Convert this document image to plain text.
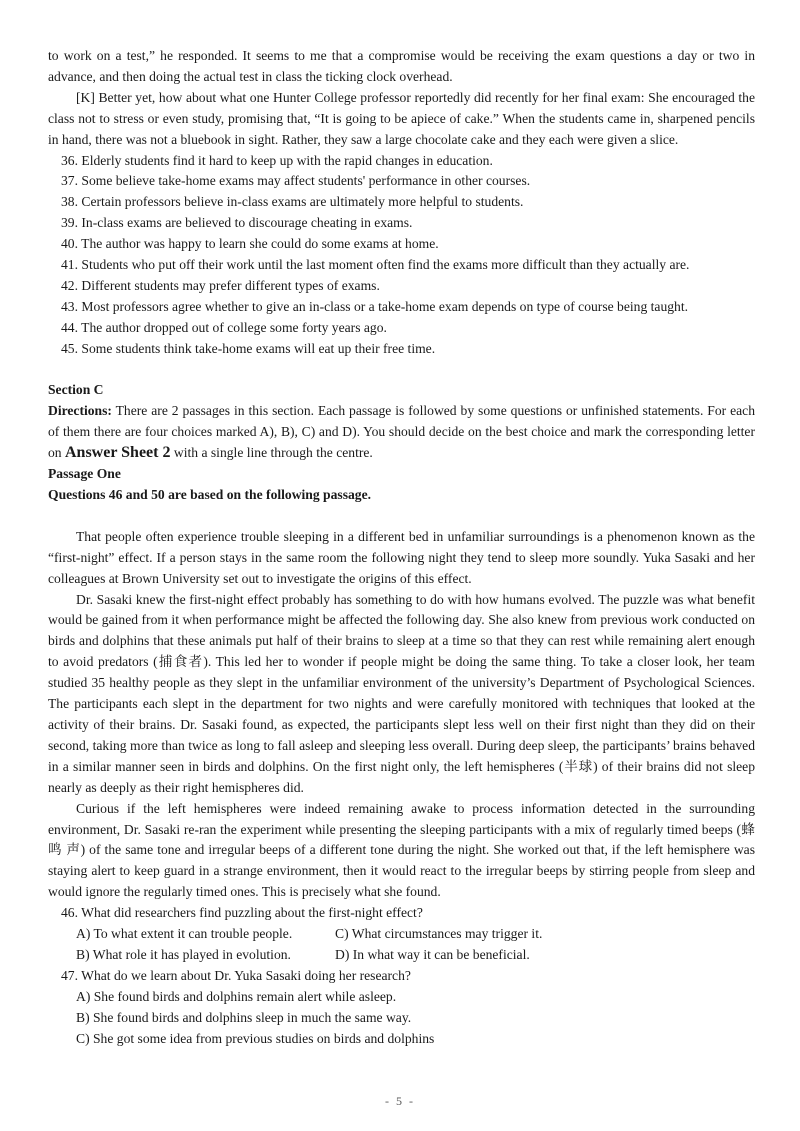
to work on a test,” he responded. It seems to me that a compromise would be receiving the exam questions a day or two in

advance, and then doing the actual test in class the ticking clock overhead.

[K] Better yet, how about what one Hunter College professor reportedly did recently for her final exam: She encouraged the class not to stress or even study, promising that, “It is going to be apiece of cake.” When the students came in, sharpened pencils in hand, there was not a bluebook in sight. Rather, they saw a large chocolate cake and they each were given a slice.

36. Elderly students find it hard to keep up with the rapid changes in education.
37. Some believe take-home exams may affect students' performance in other courses.
38. Certain professors believe in-class exams are ultimately more helpful to students.
39. In-class exams are believed to discourage cheating in exams.
40. The author was happy to learn she could do some exams at home.
41. Students who put off their work until the last moment often find the exams more difficult than they actually are.
42. Different students may prefer different types of exams.
43. Most professors agree whether to give an in-class or a take-home exam depends on type of course being taught.
44. The author dropped out of college some forty years ago.
45. Some students think take-home exams will eat up their free time.

Section C

Directions: There are 2 passages in this section. Each passage is followed by some questions or unfinished statements. For each of them there are four choices marked A), B), C) and D). You should decide on the best choice and mark the corresponding letter on Answer Sheet 2 with a single line through the centre.

Passage One

Questions 46 and 50 are based on the following passage.

That people often experience trouble sleeping in a different bed in unfamiliar surroundings is a phenomenon known as the “first-night” effect. If a person stays in the same room the following night they tend to sleep more soundly. Yuka Sasaki and her colleagues at Brown University set out to investigate the origins of this effect.

Dr. Sasaki knew the first-night effect probably has something to do with how humans evolved. The puzzle was what benefit would be gained from it when performance might be affected the following day. She also knew from previous work conducted on birds and dolphins that these animals put half of their brains to sleep at a time so that they can rest while remaining alert enough to avoid predators (捕食者). This led her to wonder if people might be doing the same thing. To take a closer look, her team studied 35 healthy people as they slept in the unfamiliar environment of the university’s Department of Psychological Sciences. The participants each slept in the department for two nights and were carefully monitored with techniques that looked at the activity of their brains. Dr. Sasaki found, as expected, the participants slept less well on their first night than they did on their second, taking more than twice as long to fall asleep and sleeping less overall. During deep sleep, the participants’ brains behaved in a similar manner seen in birds and dolphins. On the first night only, the left hemispheres (半球) of their brains did not sleep nearly as deeply as their right hemispheres did.

Curious if the left hemispheres were indeed remaining awake to process information detected in the surrounding environment, Dr. Sasaki re-ran the experiment while presenting the sleeping participants with a mix of regularly timed beeps (蜂 鸣 声) of the same tone and irregular beeps of a different tone during the night. She worked out that, if the left hemisphere was staying alert to keep guard in a strange environment, then it would react to the irregular beeps by stirring people from sleep and would ignore the regularly timed ones. This is precisely what she found.

46. What did researchers find puzzling about the first-night effect?
A) To what extent it can trouble people.	C) What circumstances may trigger it.
B) What role it has played in evolution.	D) In what way it can be beneficial.
47. What do we learn about Dr. Yuka Sasaki doing her research?
A) She found birds and dolphins remain alert while asleep.
B) She found birds and dolphins sleep in much the same way.
C) She got some idea from previous studies on birds and dolphins
- 5 -
